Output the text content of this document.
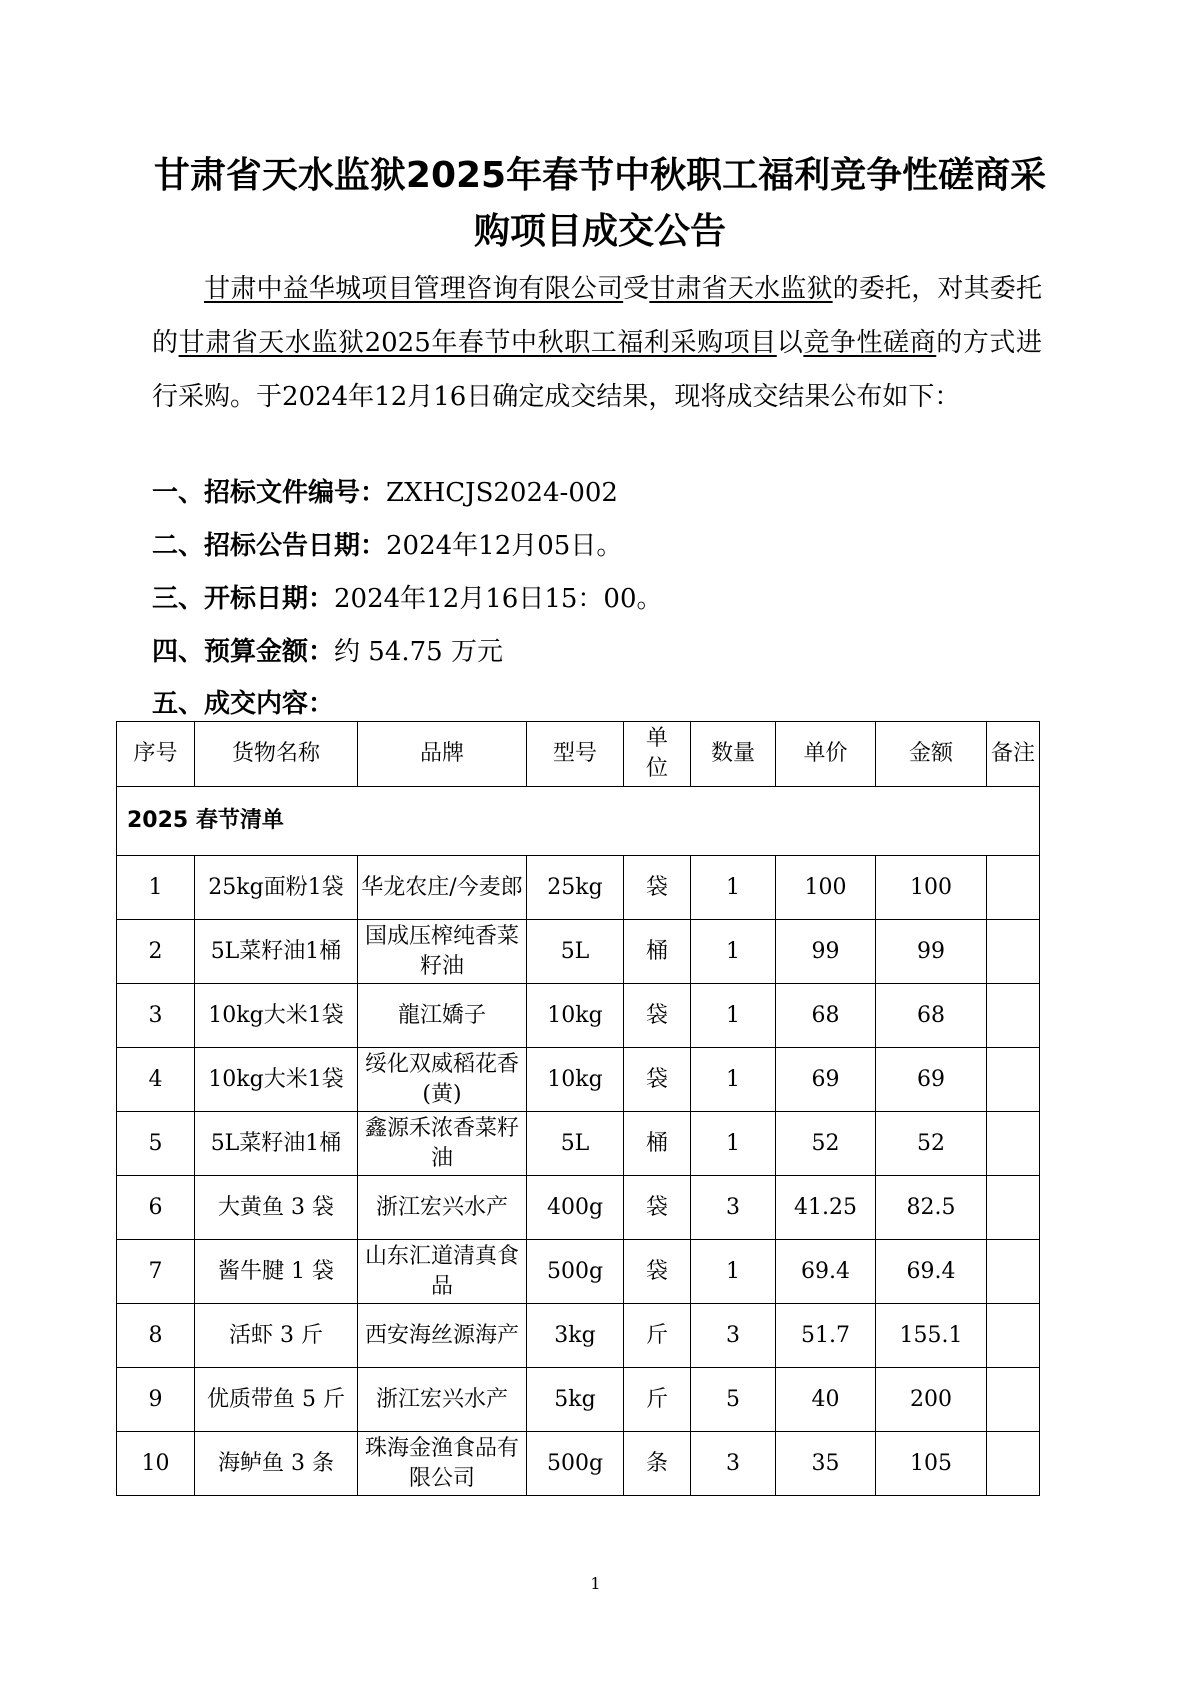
甘肃省天水监狱2025年春节中秋职工福利竞争性磋商采购项目成交公告

甘肃中益华城项目管理咨询有限公司受甘肃省天水监狱的委托，对其委托的甘肃省天水监狱2025年春节中秋职工福利采购项目以竞争性磋商的方式进行采购。于2024年12月16日确定成交结果，现将成交结果公布如下：

一、招标文件编号：ZXHCJS2024-002
二、招标公告日期：2024年12月05日。
三、开标日期：2024年12月16日15：00。
四、预算金额：约 54.75 万元
五、成交内容：
序号	货物名称	品牌	型号	单位	数量	单价	金额	备注
2025 春节清单								
1	25kg面粉1袋	华龙农庄/今麦郎	25kg	袋	1	100	100	
2	5L菜籽油1桶	国成压榨纯香菜籽油	5L	桶	1	99	99	
3	10kg大米1袋	龍江嬌子	10kg	袋	1	68	68	
4	10kg大米1袋	绥化双威稻花香(黄)	10kg	袋	1	69	69	
5	5L菜籽油1桶	鑫源禾浓香菜籽油	5L	桶	1	52	52	
6	大黄鱼 3 袋	浙江宏兴水产	400g	袋	3	41.25	82.5	
7	酱牛腱 1 袋	山东汇道清真食品	500g	袋	1	69.4	69.4	
8	活虾 3 斤	西安海丝源海产	3kg	斤	3	51.7	155.1	
9	优质带鱼 5 斤	浙江宏兴水产	5kg	斤	5	40	200	
10	海鲈鱼 3 条	珠海金渔食品有限公司	500g	条	3	35	105	
1
